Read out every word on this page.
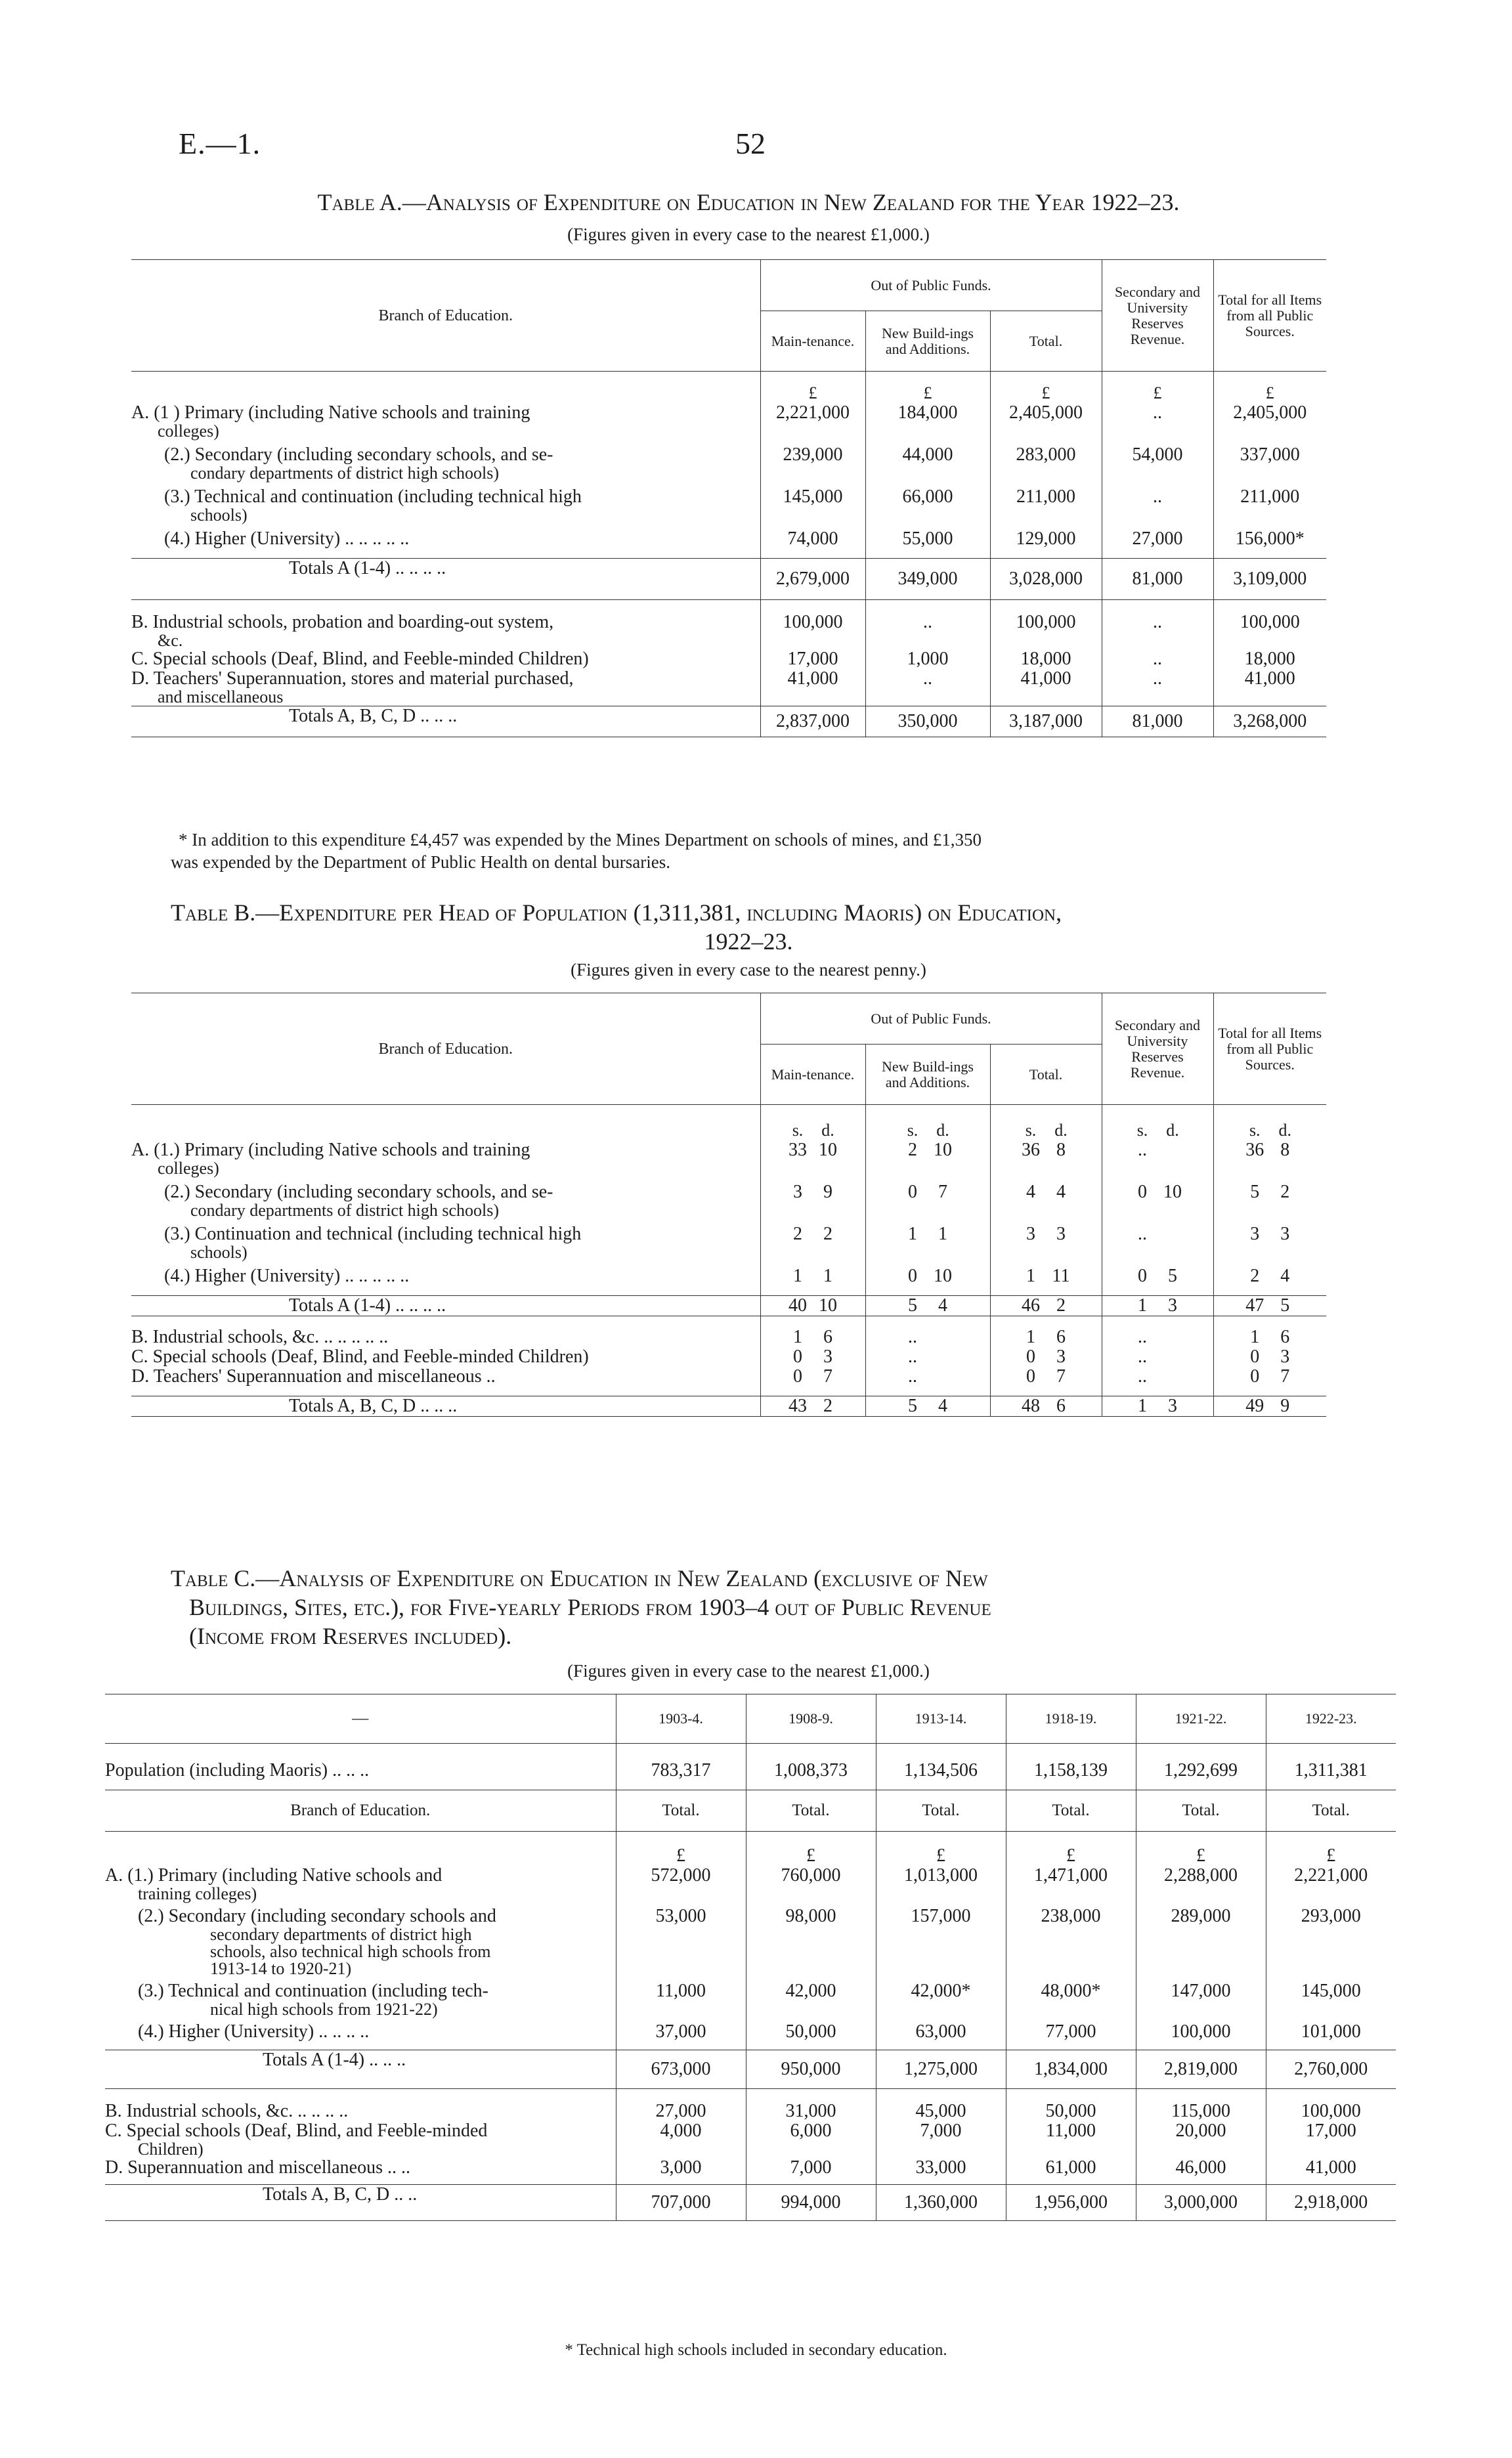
E.—1.	52
Table A.—Analysis of Expenditure on Education in New Zealand for the Year 1922–23.
(Figures given in every case to the nearest £1,000.)
Branch of Education.	Out of Public Funds.			Secondary and University Reserves Revenue.	Total for all Items from all Public Sources.
	Main-tenance.	New Build-ings and Additions.	Total.		
	£	£	£	£	£
A. (1 ) Primary (including Native schools and training
colleges)	2,221,000	184,000	2,405,000	..	2,405,000

(2.) Secondary (including secondary schools, and se-
condary departments of district high schools)	239,000	44,000	283,000	54,000	337,000

(3.) Technical and continuation (including technical high
schools)	145,000	66,000	211,000	..	211,000

(4.) Higher (University) .. .. .. .. ..	74,000	55,000	129,000	27,000	156,000*

Totals A (1-4) .. .. .. ..	2,679,000	349,000	3,028,000	81,000	3,109,000

B. Industrial schools, probation and boarding-out system,
&c.	100,000	..	100,000	..	100,000
C. Special schools (Deaf, Blind, and Feeble-minded Children)	17,000	1,000	18,000	..	18,000
D. Teachers' Superannuation, stores and material purchased,
and miscellaneous	41,000	..	41,000	..	41,000
Totals A, B, C, D .. .. ..	2,837,000	350,000	3,187,000	81,000	3,268,000
* In addition to this expenditure £4,457 was expended by the Mines Department on schools of mines, and £1,350
was expended by the Department of Public Health on dental bursaries.
Table B.—Expenditure per Head of Population (1,311,381, including Maoris) on Education,
1922–23.
(Figures given in every case to the nearest penny.)
Branch of Education.	Out of Public Funds.			Secondary and University Reserves Revenue.	Total for all Items from all Public Sources.
	Main-tenance.	New Build-ings and Additions.	Total.		
	s. d.	s. d.	s. d.	s. d.	s. d.
A. (1.) Primary (including Native schools and training
colleges)	33 10	2 10	36 8	..	36 8

(2.) Secondary (including secondary schools, and se-
condary departments of district high schools)	3 9	0 7	4 4	0 10	5 2

(3.) Continuation and technical (including technical high
schools)	2 2	1 1	3 3	..	3 3

(4.) Higher (University) .. .. .. .. ..	1 1	0 10	1 11	0 5	2 4

Totals A (1-4) .. .. .. ..	40 10	5 4	46 2	1 3	47 5

B. Industrial schools, &c. .. .. .. .. ..	1 6	..	1 6	..	1 6
C. Special schools (Deaf, Blind, and Feeble-minded Children)	0 3	..	0 3	..	0 3
D. Teachers' Superannuation and miscellaneous ..	0 7	..	0 7	..	0 7

Totals A, B, C, D .. .. ..	43 2	5 4	48 6	1 3	49 9
Table C.—Analysis of Expenditure on Education in New Zealand (exclusive of New
Buildings, Sites, etc.), for Five-yearly Periods from 1903–4 out of Public Revenue
(Income from Reserves included).
(Figures given in every case to the nearest £1,000.)
—	1903-4.	1908-9.	1913-14.	1918-19.	1921-22.	1922-23.
Population (including Maoris) .. .. ..	783,317	1,008,373	1,134,506	1,158,139	1,292,699	1,311,381
Branch of Education.	Total.	Total.	Total.	Total.	Total.	Total.
	£	£	£	£	£	£
A. (1.) Primary (including Native schools and
training colleges)	572,000	760,000	1,013,000	1,471,000	2,288,000	2,221,000

(2.) Secondary (including secondary schools and
secondary departments of district high
schools, also technical high schools from
1913-14 to 1920-21)	53,000	98,000	157,000	238,000	289,000	293,000

(3.) Technical and continuation (including tech-
nical high schools from 1921-22)	11,000	42,000	42,000*	48,000*	147,000	145,000

(4.) Higher (University) .. .. .. ..	37,000	50,000	63,000	77,000	100,000	101,000

Totals A (1-4) .. .. ..	673,000	950,000	1,275,000	1,834,000	2,819,000	2,760,000

B. Industrial schools, &c. .. .. .. ..	27,000	31,000	45,000	50,000	115,000	100,000
C. Special schools (Deaf, Blind, and Feeble-minded
Children)	4,000	6,000	7,000	11,000	20,000	17,000
D. Superannuation and miscellaneous .. ..	3,000	7,000	33,000	61,000	46,000	41,000

Totals A, B, C, D .. ..	707,000	994,000	1,360,000	1,956,000	3,000,000	2,918,000
* Technical high schools included in secondary education.
